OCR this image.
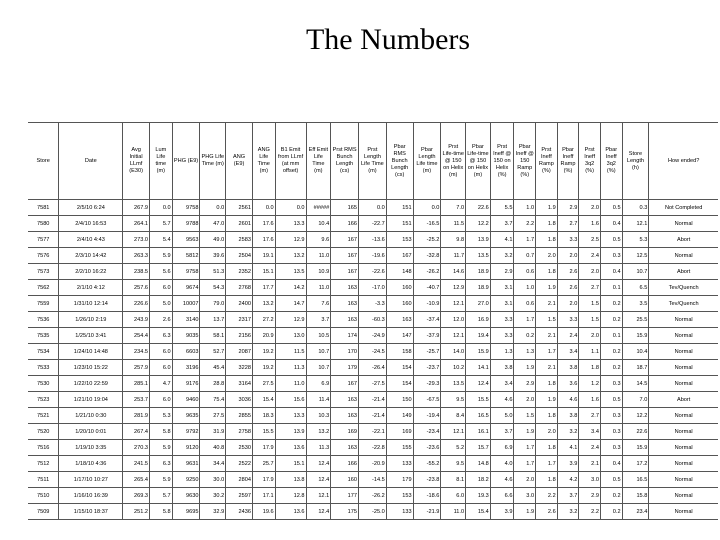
The Numbers
Store	Date	Avg Initial LLmf (E30)	Lum Life time (m)	PHG (E9)	PHG Life Time (m)	ANG (E9)	ANG Life Time (m)	B1 Emit from LLmf (at mm offset)	Eff Emit Life Time (m)	Prst RMS Bunch Length (cs)	Prst Length Life Time (m)	Pbar RMS Bunch Length (cs)	Pbar Length Life time (m)	Prst Life-time @ 150 on Helix (m)	Pbar Life-time @ 150 on Helix (m)	Prst Ineff @ 150 on Helix (%)	Pbar Ineff @ 150 Ramp (%)	Prst Ineff Ramp (%)	Pbar Ineff Ramp (%)	Prst Ineff 3q2 (%)	Pbar Ineff 3q2 (%)	Store Length (h)	How ended?
7581	2/5/10 6:24	267.9	0.0	9758	0.0	2561	0.0	0.0	#####	165	0.0	151	0.0	7.0	22.6	5.5	1.0	1.9	2.9	2.0	0.5	0.3	Not Completed
7580	2/4/10 16:53	264.1	5.7	9788	47.0	2601	17.6	13.3	10.4	166	-22.7	151	-16.5	11.5	12.2	3.7	2.2	1.8	2.7	1.6	0.4	12.1	Normal
7577	2/4/10 4:43	273.0	5.4	9563	49.0	2583	17.6	12.9	9.6	167	-13.6	153	-25.2	9.8	13.9	4.1	1.7	1.8	3.3	2.5	0.5	5.3	Abort
7576	2/3/10 14:42	263.3	5.9	5812	39.6	2504	19.1	13.2	11.0	167	-19.6	167	-32.8	11.7	13.5	3.2	0.7	2.0	2.0	2.4	0.3	12.5	Normal
7573	2/2/10 16:22	238.5	5.6	9758	51.3	2352	15.1	13.5	10.9	167	-22.6	148	-26.2	14.6	18.9	2.9	0.6	1.8	2.6	2.0	0.4	10.7	Abort
7562	2/1/10 4:12	257.6	6.0	9674	54.3	2768	17.7	14.2	11.0	163	-17.0	160	-40.7	12.9	18.9	3.1	1.0	1.9	2.6	2.7	0.1	6.5	Tev/Quench
7559	1/31/10 12:14	226.6	5.0	10007	79.0	2400	13.2	14.7	7.6	163	-3.3	160	-10.9	12.1	27.0	3.1	0.6	2.1	2.0	1.5	0.2	3.5	Tev/Quench
7536	1/26/10 2:19	243.9	2.6	3140	13.7	2317	27.2	12.9	3.7	163	-60.3	163	-37.4	12.0	16.9	3.3	1.7	1.5	3.3	1.5	0.2	25.5	Normal
7535	1/25/10 3:41	254.4	6.3	9035	58.1	2156	20.9	13.0	10.5	174	-24.9	147	-37.9	12.1	19.4	3.3	0.2	2.1	2.4	2.0	0.1	15.9	Normal
7534	1/24/10 14:48	234.5	6.0	6603	52.7	2087	19.2	11.5	10.7	170	-24.5	158	-25.7	14.0	15.9	1.3	1.3	1.7	3.4	1.1	0.2	10.4	Normal
7533	1/23/10 15:22	257.9	6.0	3196	45.4	3228	19.2	11.3	10.7	179	-26.4	154	-23.7	10.2	14.1	3.8	1.9	2.1	3.8	1.8	0.2	18.7	Normal
7530	1/22/10 22:59	285.1	4.7	9176	28.8	3164	27.5	11.0	6.9	167	-27.5	154	-29.3	13.5	12.4	3.4	2.9	1.8	3.6	1.2	0.3	14.5	Normal
7523	1/21/10 19:04	253.7	6.0	9460	75.4	3036	15.4	15.6	11.4	163	-21.4	150	-67.5	9.5	15.5	4.6	2.0	1.9	4.6	1.6	0.5	7.0	Abort
7521	1/21/10 0:30	281.9	5.3	9635	27.5	2855	18.3	13.3	10.3	163	-21.4	149	-19.4	8.4	16.5	5.0	1.5	1.8	3.8	2.7	0.3	12.2	Normal
7520	1/20/10 0:01	267.4	5.8	9792	31.9	2758	15.5	13.9	13.2	169	-22.1	169	-23.4	12.1	16.1	3.7	1.9	2.0	3.2	3.4	0.3	22.6	Normal
7516	1/19/10 3:35	270.3	5.9	9120	40.8	2530	17.9	13.6	11.3	163	-22.8	155	-23.6	5.2	15.7	6.9	1.7	1.8	4.1	2.4	0.3	15.9	Normal
7512	1/18/10 4:36	241.5	6.3	9631	34.4	2522	25.7	15.1	12.4	166	-20.9	133	-55.2	9.5	14.8	4.0	1.7	1.7	3.9	2.1	0.4	17.2	Normal
7511	1/17/10 10:27	265.4	5.9	9250	30.0	2804	17.9	13.8	12.4	160	-14.5	179	-23.8	8.1	18.2	4.6	2.0	1.8	4.2	3.0	0.5	16.5	Normal
7510	1/16/10 16:39	269.3	5.7	9630	30.2	2597	17.1	12.8	12.1	177	-26.2	153	-18.6	6.0	19.3	6.6	3.0	2.2	3.7	2.9	0.2	15.8	Normal
7509	1/15/10 18:37	251.2	5.8	9695	32.9	2436	19.6	13.6	12.4	175	-25.0	133	-21.9	11.0	15.4	3.9	1.9	2.6	3.2	2.2	0.2	23.4	Normal
